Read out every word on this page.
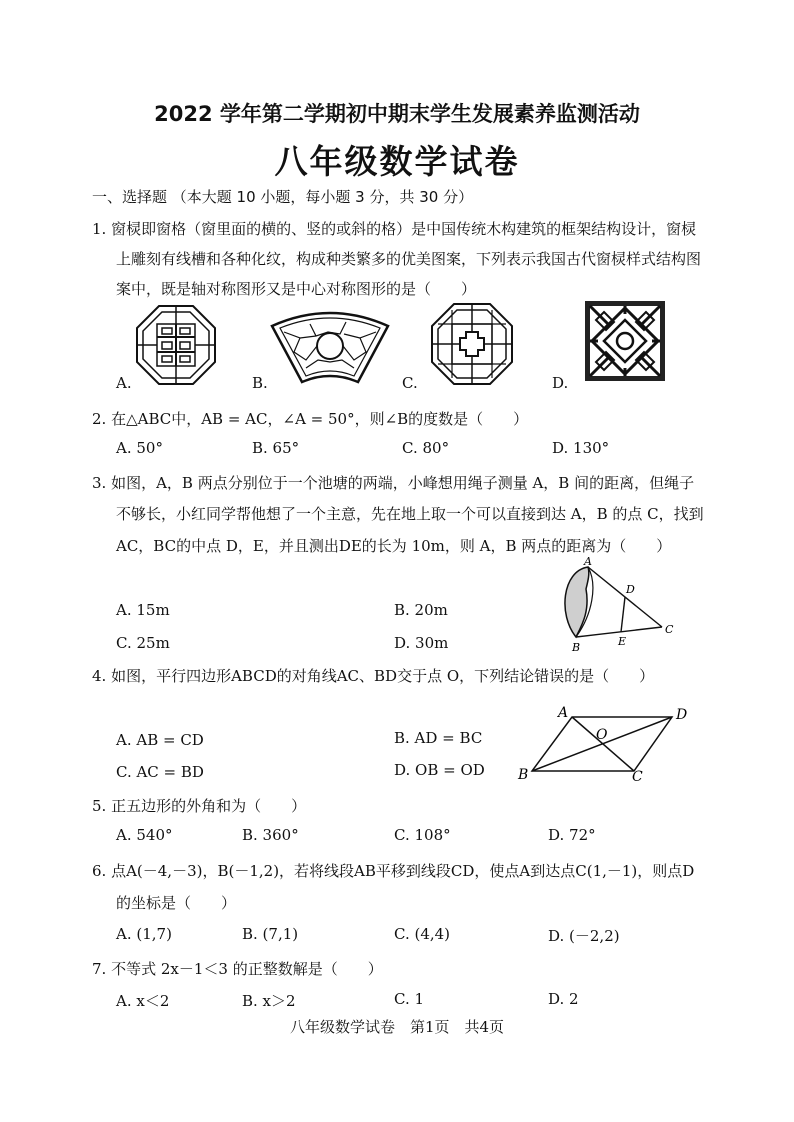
2022 学年第二学期初中期末学生发展素养监测活动
八年级数学试卷
一、选择题 （本大题 10 小题，每小题 3 分，共 30 分）
1. 窗棂即窗格（窗里面的横的、竖的或斜的格）是中国传统木构建筑的框架结构设计，窗棂
上雕刻有线槽和各种化纹，构成种类繁多的优美图案，下列表示我国古代窗棂样式结构图
案中，既是轴对称图形又是中心对称图形的是（　　）
A.	B.	C.	D.
2. 在△ABC中，AB = AC，∠A = 50°，则∠B的度数是（　　）
A. 50°	B. 65°	C. 80°	D. 130°
3. 如图，A，B 两点分别位于一个池塘的两端，小峰想用绳子测量 A，B 间的距离，但绳子
不够长，小红同学帮他想了一个主意，先在地上取一个可以直接到达 A，B 的点 C，找到
AC，BC的中点 D，E，并且测出DE的长为 10m，则 A，B 两点的距离为（　　）
A. 15m	B. 20m
C. 25m	D. 30m
A
D
C
E
B
4. 如图，平行四边形ABCD的对角线AC、BD交于点 O，下列结论错误的是（　　）
A. AB = CD	B. AD = BC
C. AC = BD	D. OB = OD
A	D
O
B	C
5. 正五边形的外角和为（　　）
A. 540°	B. 360°	C. 108°	D. 72°
6. 点A(－4,－3)，B(－1,2)，若将线段AB平移到线段CD，使点A到达点C(1,－1)，则点D
的坐标是（　　）
A. (1,7)	B. (7,1)	C. (4,4)	D. (－2,2)
7. 不等式 2x－1＜3 的正整数解是（　　）
A. x＜2	B. x＞2	C. 1	D. 2
八年级数学试卷　第1页　共4页
